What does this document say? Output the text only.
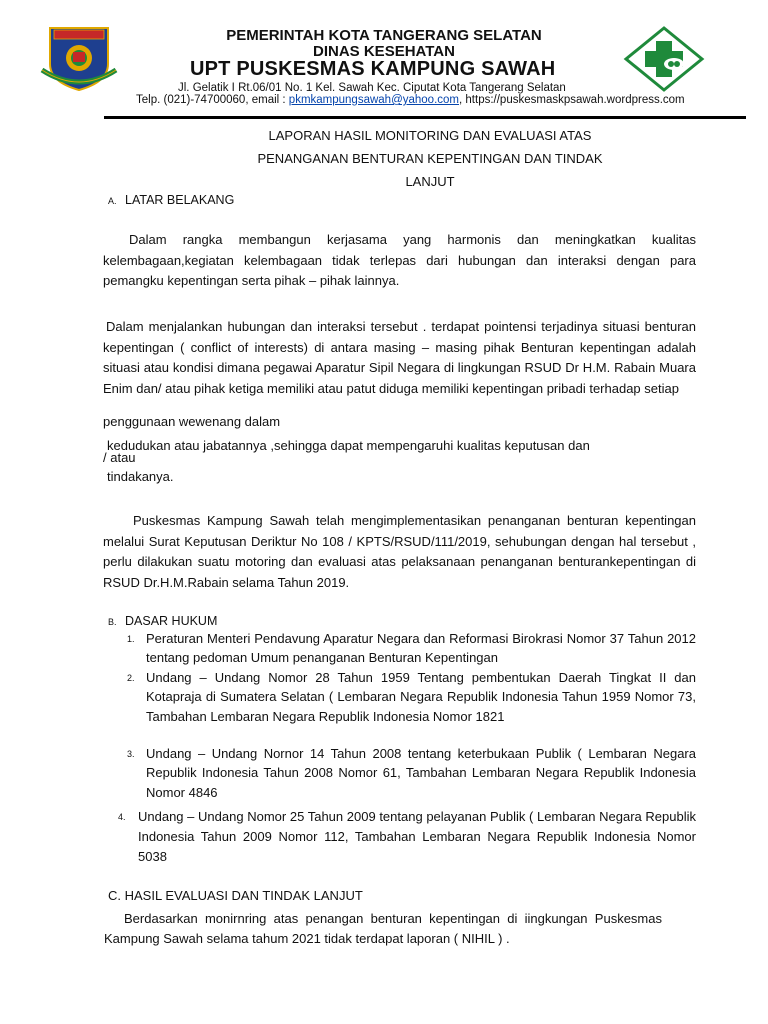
PEMERINTAH KOTA TANGERANG SELATAN
DINAS KESEHATAN
UPT PUSKESMAS KAMPUNG SAWAH
Jl. Gelatik I Rt.06/01 No. 1 Kel. Sawah Kec. Ciputat Kota Tangerang Selatan
Telp. (021)-74700060, email : pkmkampungsawah@yahoo.com, https://puskesmaskpsawah.wordpress.com
LAPORAN HASIL MONITORING DAN EVALUASI ATAS
PENANGANAN BENTURAN KEPENTINGAN DAN TINDAK
LANJUT
A. LATAR BELAKANG
Dalam rangka membangun kerjasama yang harmonis dan meningkatkan kualitas kelembagaan,kegiatan kelembagaan tidak terlepas dari hubungan dan interaksi dengan para pemangku kepentingan serta pihak – pihak lainnya.
Dalam menjalankan hubungan dan interaksi tersebut . terdapat pointensi terjadinya situasi benturan kepentingan ( conflict of interests) di antara masing – masing pihak Benturan kepentingan adalah situasi atau kondisi dimana pegawai Aparatur Sipil Negara di lingkungan RSUD Dr H.M. Rabain Muara Enim dan/ atau pihak ketiga memiliki atau patut diduga memiliki kepentingan pribadi terhadap setiap
penggunaan wewenang dalam
kedudukan atau jabatannya ,sehingga dapat mempengaruhi kualitas keputusan dan
/ atau
tindakanya.
Puskesmas Kampung Sawah telah mengimplementasikan penanganan benturan kepentingan melalui Surat Keputusan Deriktur No 108 / KPTS/RSUD/111/2019, sehubungan dengan hal tersebut , perlu dilakukan suatu motoring dan evaluasi atas pelaksanaan penanganan benturankepentingan di RSUD Dr.H.M.Rabain selama Tahun 2019.
B. DASAR HUKUM
1. Peraturan Menteri Pendavung Aparatur Negara dan Reformasi Birokrasi Nomor 37 Tahun 2012 tentang pedoman Umum penanganan Benturan Kepentingan
2. Undang – Undang Nomor 28 Tahun 1959 Tentang pembentukan Daerah Tingkat II dan Kotapraja di Sumatera Selatan ( Lembaran Negara Republik Indonesia Tahun 1959 Nomor 73, Tambahan Lembaran Negara Republik Indonesia Nomor 1821
3. Undang – Undang Nornor 14 Tahun 2008 tentang keterbukaan Publik ( Lembaran Negara Republik Indonesia Tahun 2008 Nomor 61, Tambahan Lembaran Negara Republik Indonesia Nomor 4846
4. Undang – Undang Nomor 25 Tahun 2009 tentang pelayanan Publik ( Lembaran Negara Republik Indonesia Tahun 2009 Nomor 112, Tambahan Lembaran Negara Republik Indonesia Nomor 5038
C. HASIL EVALUASI DAN TINDAK LANJUT
Berdasarkan monirnring atas penangan benturan kepentingan di iingkungan Puskesmas Kampung Sawah selama tahum 2021 tidak terdapat laporan ( NIHIL ) .
